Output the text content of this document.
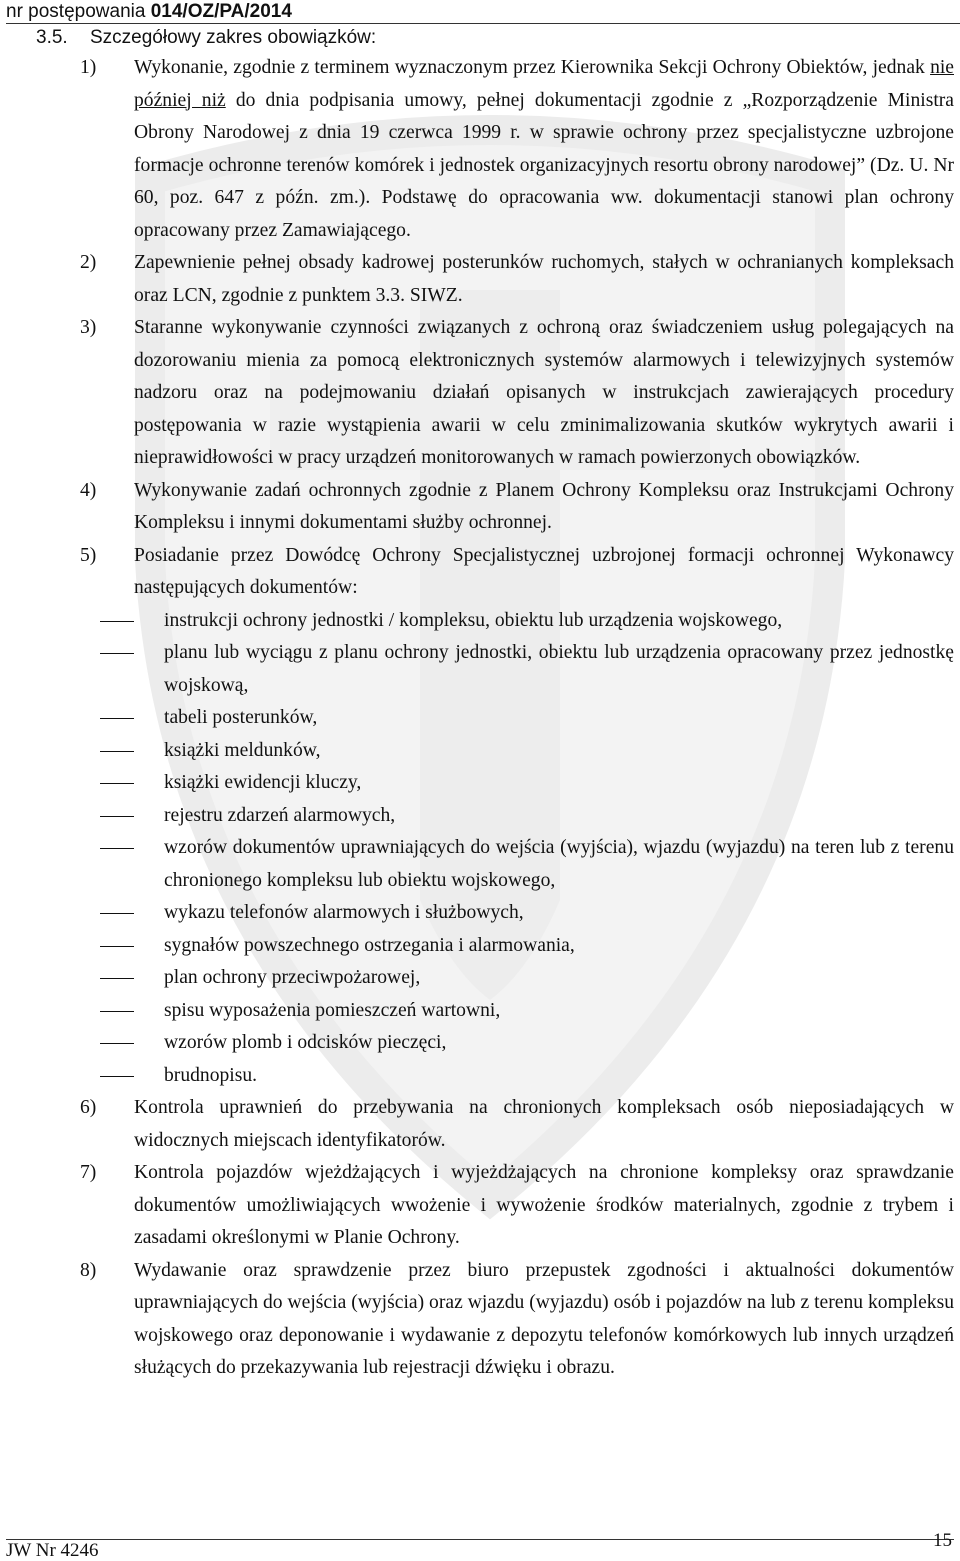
nr postępowania 014/OZ/PA/2014

3.5. Szczegółowy zakres obowiązków:

1) Wykonanie, zgodnie z terminem wyznaczonym przez Kierownika Sekcji Ochrony Obiektów, jednak nie później niż do dnia podpisania umowy, pełnej dokumentacji zgodnie z „Rozporządzenie Ministra Obrony Narodowej z dnia 19 czerwca 1999 r. w sprawie ochrony przez specjalistyczne uzbrojone formacje ochronne terenów komórek i jednostek organizacyjnych resortu obrony narodowej” (Dz. U. Nr 60, poz. 647 z późn. zm.). Podstawę do opracowania ww. dokumentacji stanowi plan ochrony opracowany przez Zamawiającego.

2) Zapewnienie pełnej obsady kadrowej posterunków ruchomych, stałych w ochranianych kompleksach oraz LCN, zgodnie z punktem 3.3. SIWZ.

3) Staranne wykonywanie czynności związanych z ochroną oraz świadczeniem usług polegających na dozorowaniu mienia za pomocą elektronicznych systemów alarmowych i telewizyjnych systemów nadzoru oraz na podejmowaniu działań opisanych w instrukcjach zawierających procedury postępowania w razie wystąpienia awarii w celu zminimalizowania skutków wykrytych awarii i nieprawidłowości w pracy urządzeń monitorowanych w ramach powierzonych obowiązków.

4) Wykonywanie zadań ochronnych zgodnie z Planem Ochrony Kompleksu oraz Instrukcjami Ochrony Kompleksu i innymi dokumentami służby ochronnej.

5) Posiadanie przez Dowódcę Ochrony Specjalistycznej uzbrojonej formacji ochronnej Wykonawcy następujących dokumentów:
instrukcji ochrony jednostki / kompleksu, obiektu lub urządzenia wojskowego,
planu lub wyciągu z planu ochrony jednostki, obiektu lub urządzenia opracowany przez jednostkę wojskową,
tabeli posterunków,
książki meldunków,
książki ewidencji kluczy,
rejestru zdarzeń alarmowych,
wzorów dokumentów uprawniających do wejścia (wyjścia), wjazdu (wyjazdu) na teren lub z terenu chronionego kompleksu lub obiektu wojskowego,
wykazu telefonów alarmowych i służbowych,
sygnałów powszechnego ostrzegania i alarmowania,
plan ochrony przeciwpożarowej,
spisu wyposażenia pomieszczeń wartowni,
wzorów plomb i odcisków pieczęci,
brudnopisu.

6) Kontrola uprawnień do przebywania na chronionych kompleksach osób nieposiadających w widocznych miejscach identyfikatorów.

7) Kontrola pojazdów wjeżdżających i wyjeżdżających na chronione kompleksy oraz sprawdzanie dokumentów umożliwiających wwożenie i wywożenie środków materialnych, zgodnie z trybem i zasadami określonymi w Planie Ochrony.

8) Wydawanie oraz sprawdzenie przez biuro przepustek zgodności i aktualności dokumentów uprawniających do wejścia (wyjścia) oraz wjazdu (wyjazdu) osób i pojazdów na lub z terenu kompleksu wojskowego oraz deponowanie i wydawanie z depozytu telefonów komórkowych lub innych urządzeń służących do przekazywania lub rejestracji dźwięku i obrazu.

JW Nr 4246	15
